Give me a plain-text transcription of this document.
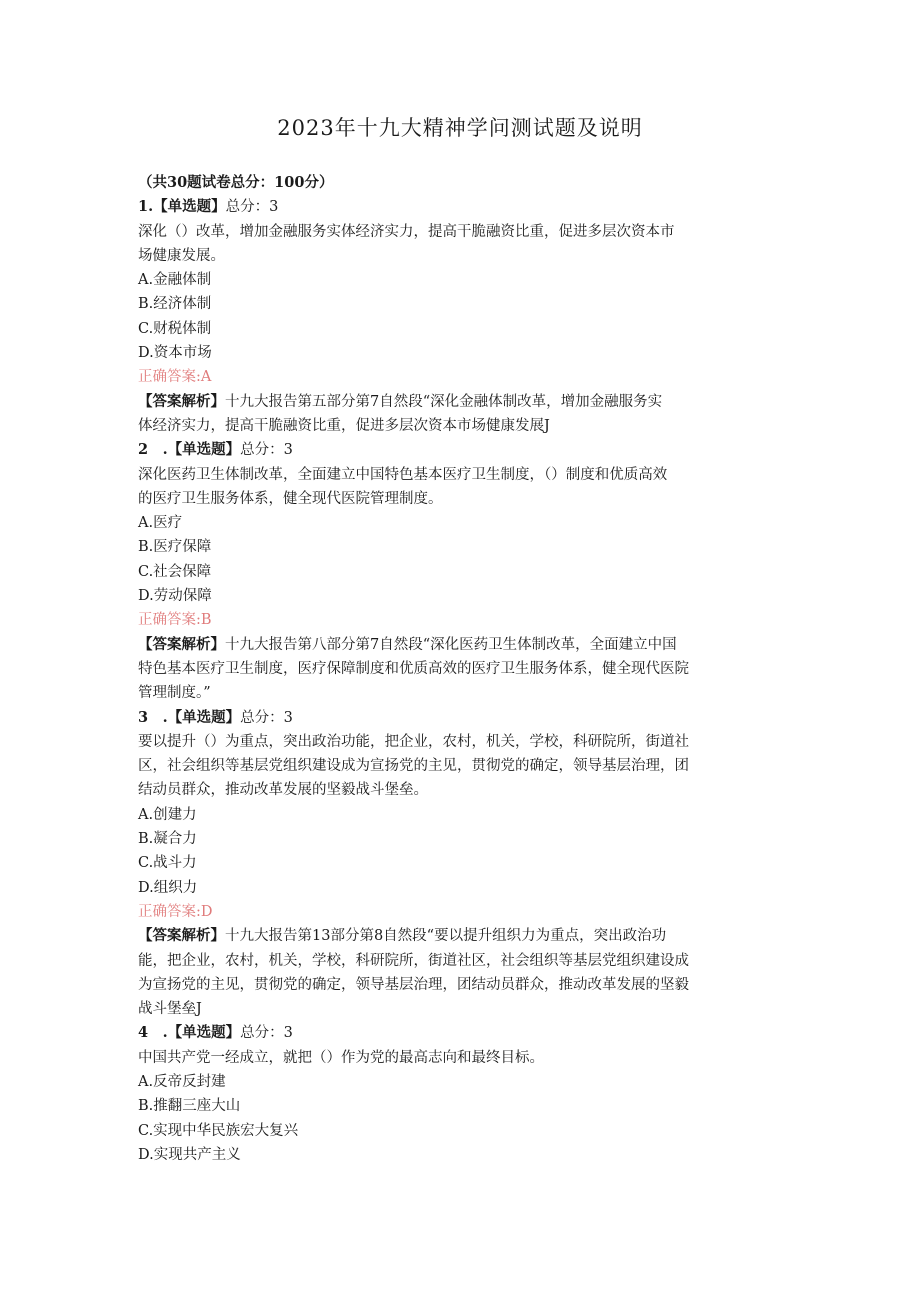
2023年十九大精神学问测试题及说明
（共30题试卷总分：100分）
1.【单选题】总分：3
深化（）改革，增加金融服务实体经济实力，提高干脆融资比重，促进多层次资本市
场健康发展。
A.金融体制
B.经济体制
C.财税体制
D.资本市场
正确答案:A
【答案解析】十九大报告第五部分第7自然段“深化金融体制改革，增加金融服务实
体经济实力，提高干脆融资比重，促进多层次资本市场健康发展J
2 .【单选题】总分：3
深化医药卫生体制改革，全面建立中国特色基本医疗卫生制度，（）制度和优质高效
的医疗卫生服务体系，健全现代医院管理制度。
A.医疗
B.医疗保障
C.社会保障
D.劳动保障
正确答案:B
【答案解析】十九大报告第八部分第7自然段“深化医药卫生体制改革，全面建立中国
特色基本医疗卫生制度，医疗保障制度和优质高效的医疗卫生服务体系，健全现代医院
管理制度。”
3 .【单选题】总分：3
要以提升（）为重点，突出政治功能，把企业，农村，机关，学校，科研院所，街道社
区，社会组织等基层党组织建设成为宣扬党的主见，贯彻党的确定，领导基层治理，团
结动员群众，推动改革发展的坚毅战斗堡垒。
A.创建力
B.凝合力
C.战斗力
D.组织力
正确答案:D
【答案解析】十九大报告第13部分第8自然段“要以提升组织力为重点，突出政治功
能，把企业，农村，机关，学校，科研院所，街道社区，社会组织等基层党组织建设成
为宣扬党的主见，贯彻党的确定，领导基层治理，团结动员群众，推动改革发展的坚毅
战斗堡垒J
4 .【单选题】总分：3
中国共产党一经成立，就把（）作为党的最高志向和最终目标。
A.反帝反封建
B.推翻三座大山
C.实现中华民族宏大复兴
D.实现共产主义
